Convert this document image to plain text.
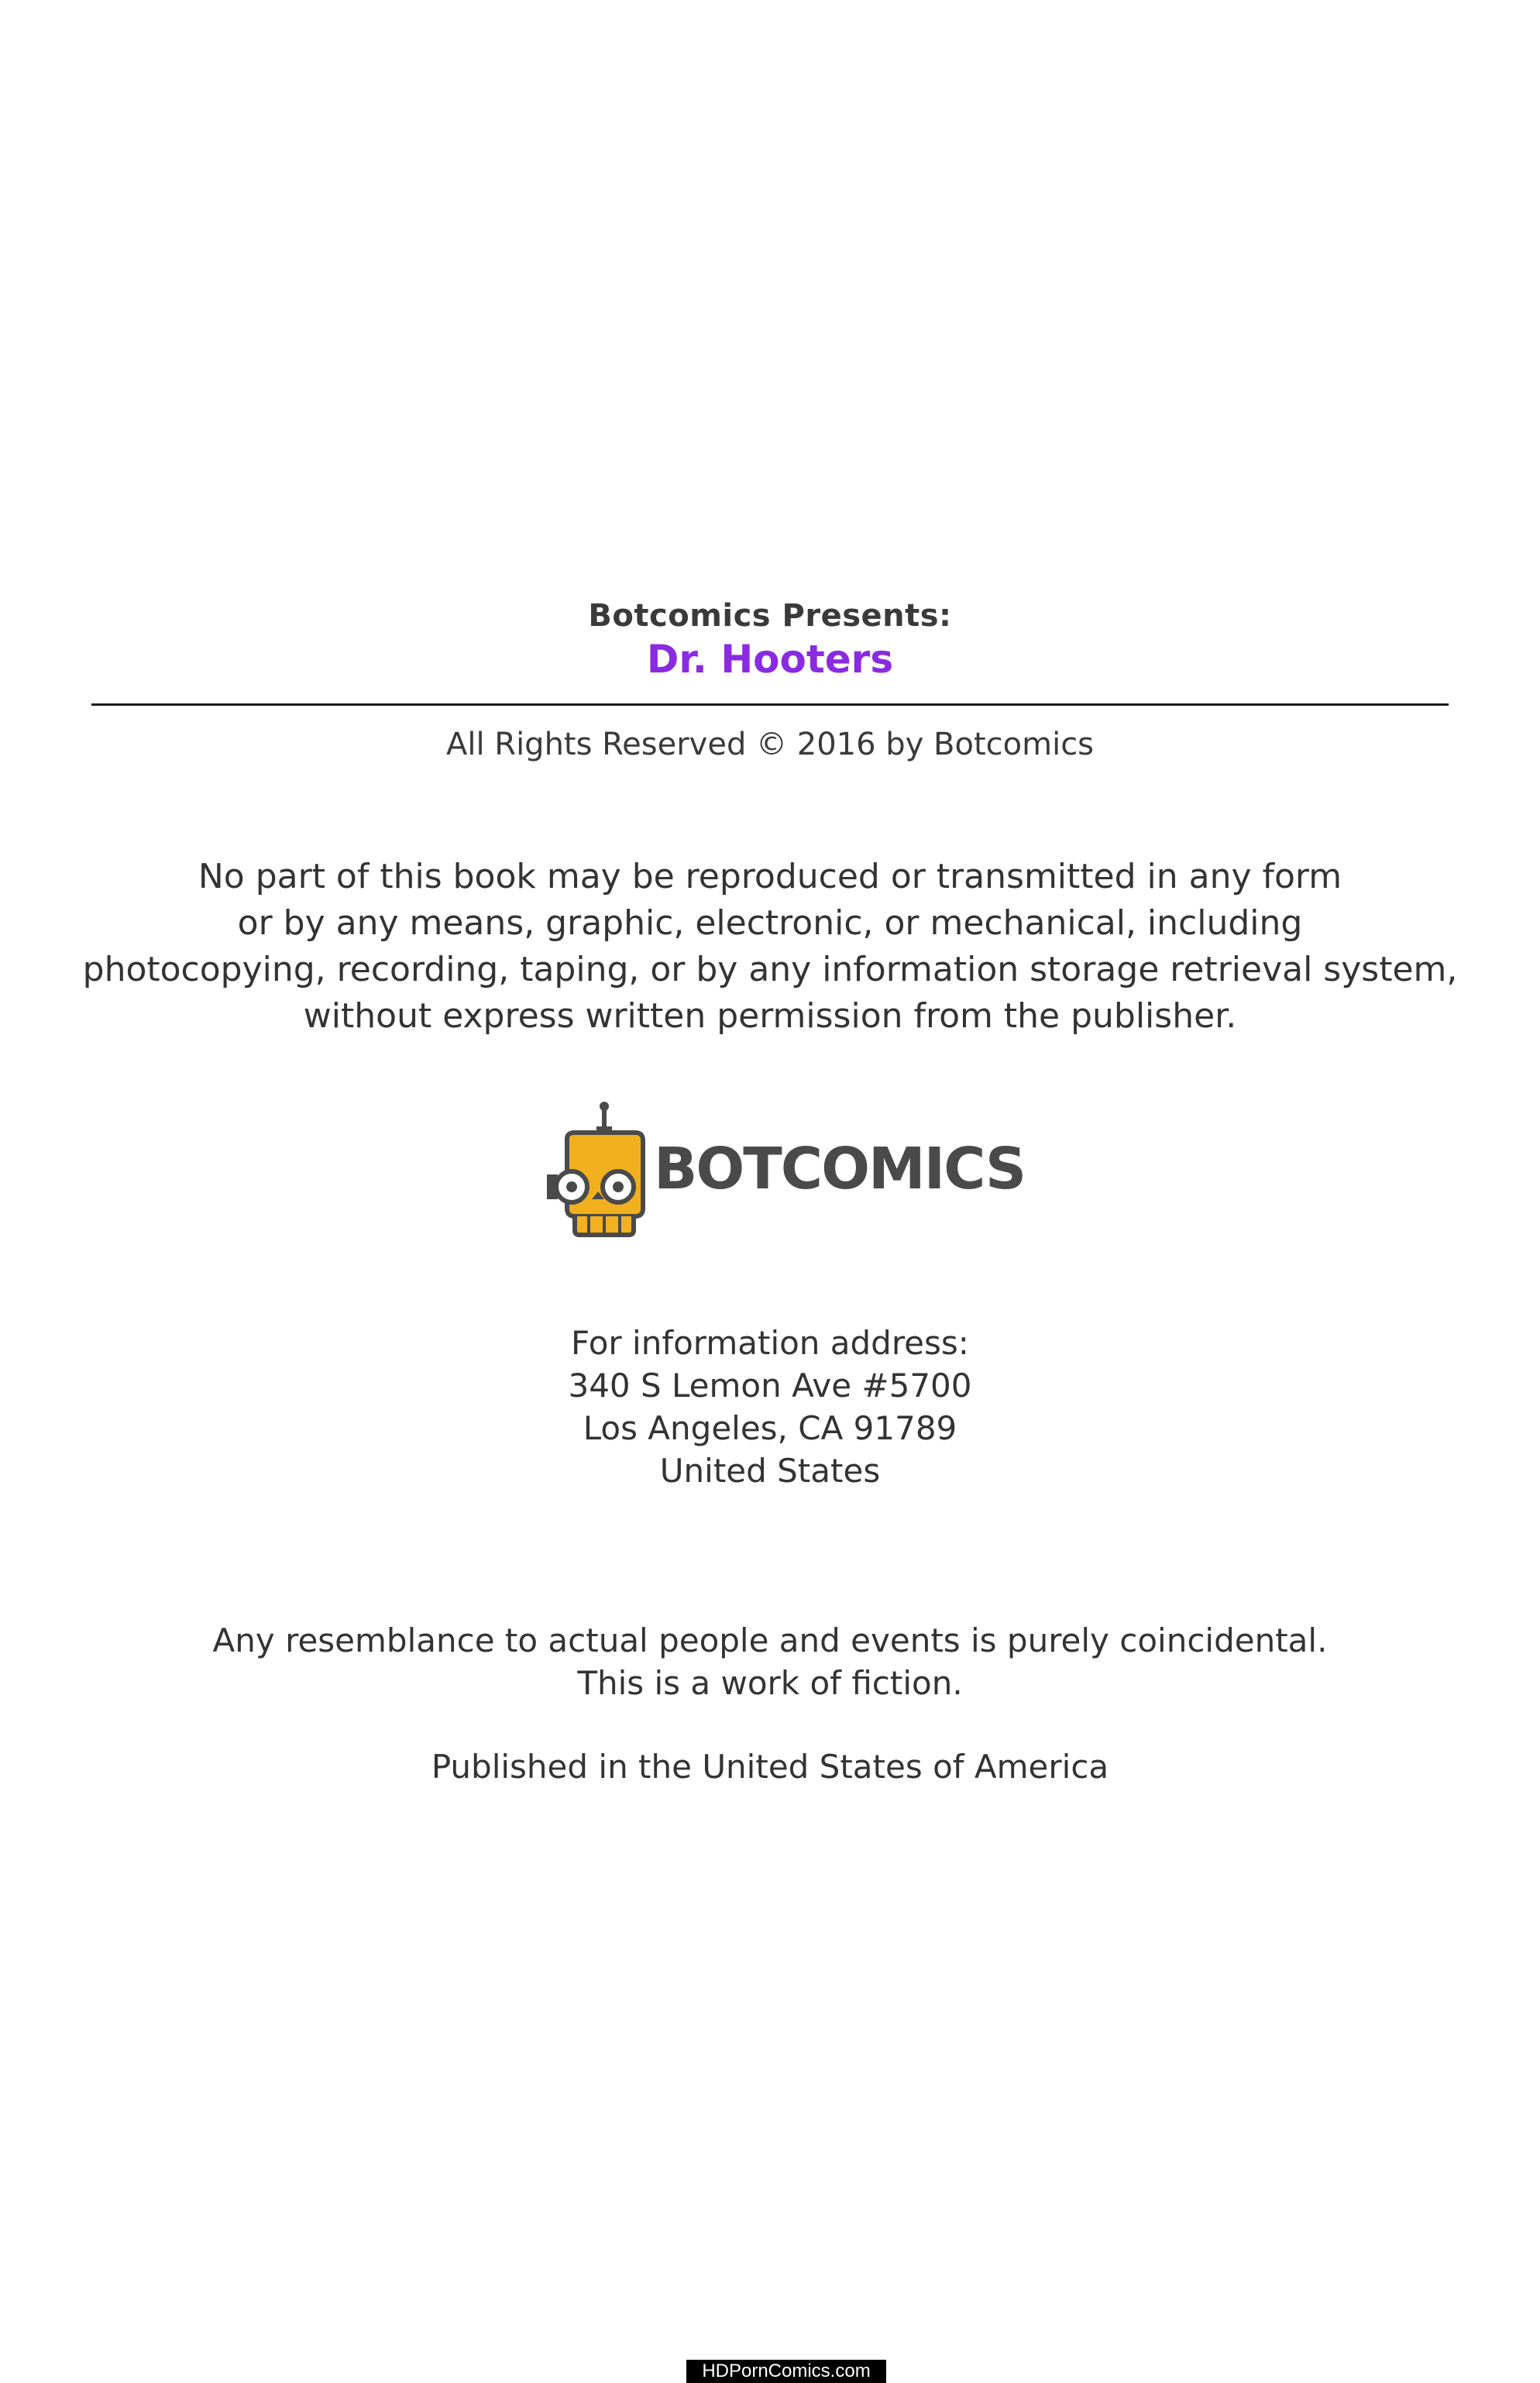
Botcomics Presents:
Dr. Hooters
All Rights Reserved © 2016 by Botcomics
No part of this book may be reproduced or transmitted in any form
or by any means, graphic, electronic, or mechanical, including
photocopying, recording, taping, or by any information storage retrieval system,
without express written permission from the publisher.
BOTCOMICS
For information address:
340 S Lemon Ave #5700
Los Angeles, CA 91789
United States
Any resemblance to actual people and events is purely coincidental.
This is a work of fiction.
Published in the United States of America
HDPornComics.com
